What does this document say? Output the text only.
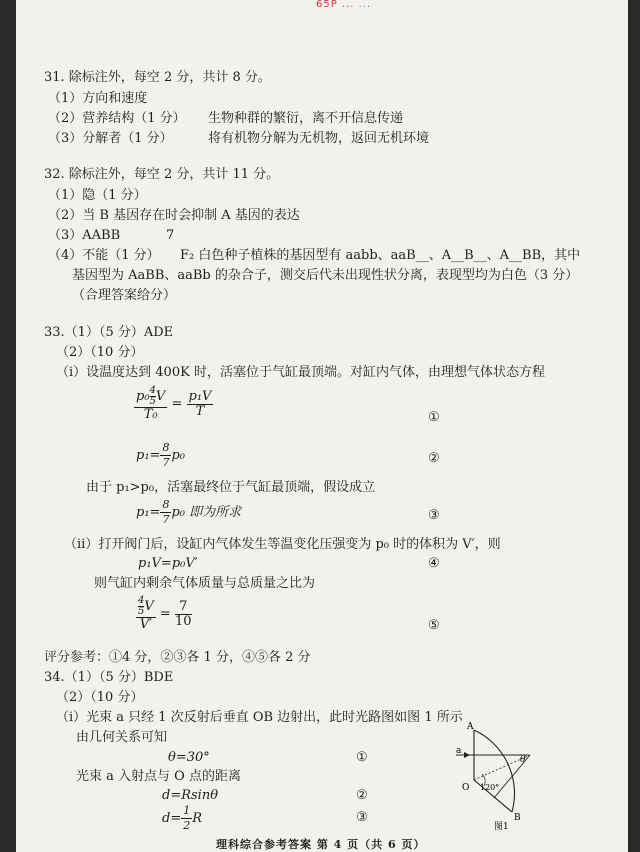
65P ... ...
31. 除标注外，每空 2 分，共计 8 分。
（1）方向和速度
（2）营养结构（1 分） 生物种群的繁衍，离不开信息传递
（3）分解者（1 分）	将有机物分解为无机物，返回无机环境
32. 除标注外，每空 2 分，共计 11 分。
（1）隐（1 分）
（2）当 B 基因存在时会抑制 A 基因的表达
（3）AABB	7
（4）不能（1 分） F₂ 白色种子植株的基因型有 aabb、aaB__、A__B__、A__BB，其中
基因型为 AaBB、aaBb 的杂合子，测交后代未出现性状分离，表现型均为白色（3 分）
（合理答案给分）
33.（1）（5 分）ADE
（2）（10 分）
（i）设温度达到 400K 时，活塞位于气缸最顶端。对缸内气体，由理想气体状态方程
$\frac{p_0 \frac{4}{5} V}{\text{T₀}} = \frac{\text{p₁V}}{T}$	①
$p_1= \frac{8}{7} p_0$	②
由于 p₁>p₀，活塞最终位于气缸最顶端，假设成立
$p_1= \frac{8}{7} p_0$ 即为所求	③
（ii）打开阀门后，设缸内气体发生等温变化压强变为 p₀ 时的体积为 V′，则
p₁V=p₀V′	④
则气缸内剩余气体质量与总质量之比为
$\frac{\frac{4}{5} V}{V'} = \frac{7}{10}$	⑤
评分参考：①4 分，②③各 1 分，④⑤各 2 分
34.（1）（5 分）BDE
（2）（10 分）
（i）光束 a 只经 1 次反射后垂直 OB 边射出，此时光路图如图 1 所示
由几何关系可知
θ=30°	①
光束 a 入射点与 O 点的距离
d=Rsinθ	②
$d= \frac{1}{2}$ R	③
A
a
O
B
θ
120°
图1
理科综合参考答案 第 4 页（共 6 页）
